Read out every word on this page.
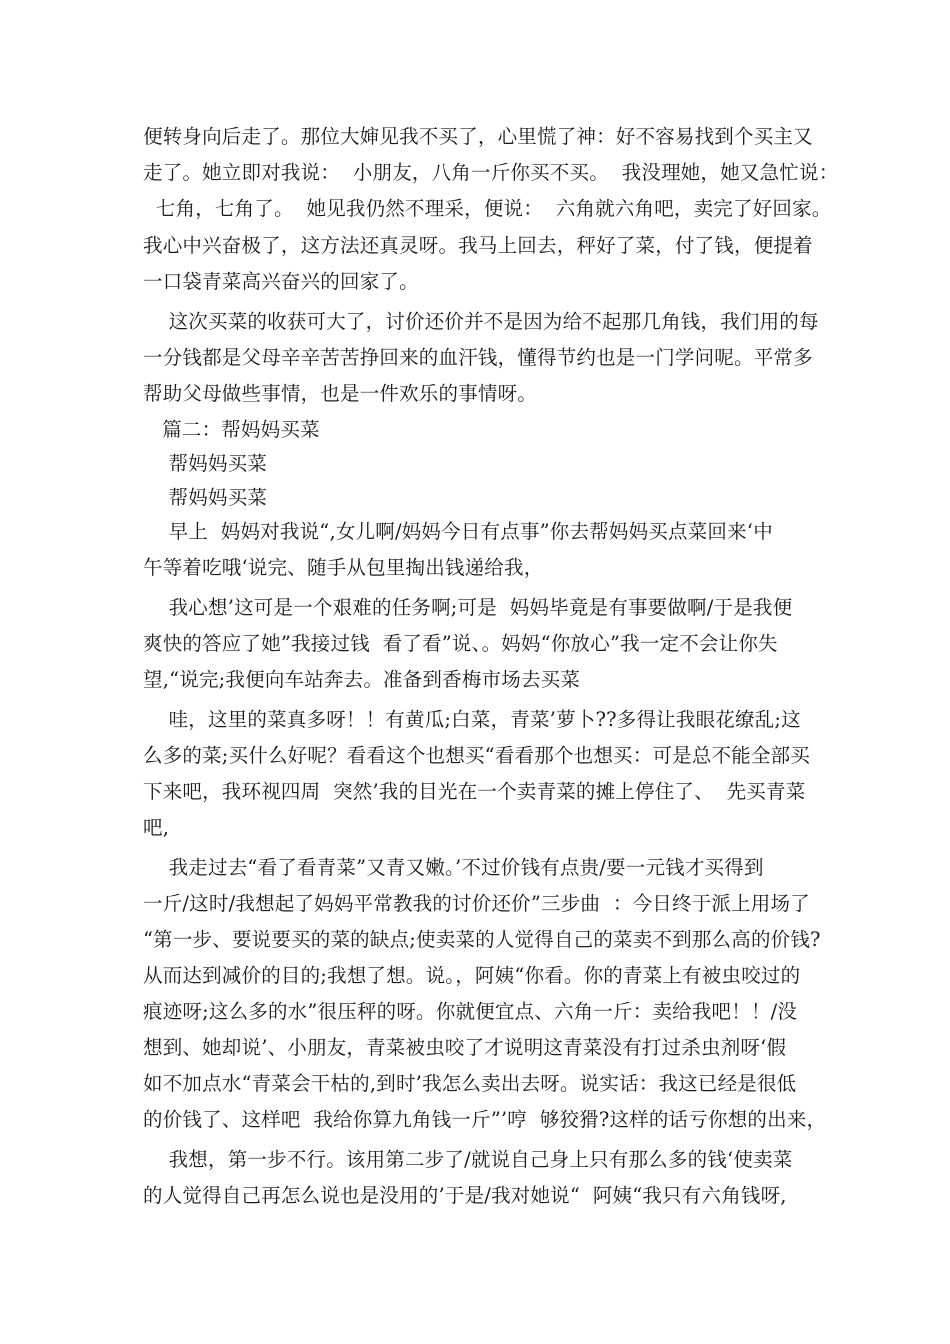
便转身向后走了。那位大婶见我不买了，心里慌了神：好不容易找到个买主又
走了。她立即对我说：  小朋友，八角一斤你买不买。  我没理她，她又急忙说：
七角，七角了。  她见我仍然不理采，便说：  六角就六角吧，卖完了好回家。
我心中兴奋极了，这方法还真灵呀。我马上回去，秤好了菜，付了钱，便提着
一口袋青菜高兴奋兴的回家了。
这次买菜的收获可大了，讨价还价并不是因为给不起那几角钱，我们用的每
一分钱都是父母辛辛苦苦挣回来的血汗钱，懂得节约也是一门学问呢。平常多
帮助父母做些事情，也是一件欢乐的事情呀。
篇二：帮妈妈买菜
帮妈妈买菜
帮妈妈买菜
早上  妈妈对我说“,女儿啊/妈妈今日有点事”你去帮妈妈买点菜回来‘中
午等着吃哦‘说完、随手从包里掏出钱递给我，
我心想’这可是一个艰难的任务啊;可是  妈妈毕竟是有事要做啊/于是我便
爽快的答应了她”我接过钱  看了看”说、。妈妈“你放心”我一定不会让你失
望,“说完;我便向车站奔去。准备到香梅市场去买菜
哇，这里的菜真多呀！！有黄瓜;白菜，青菜’萝卜??多得让我眼花缭乱;这
么多的菜;买什么好呢？看看这个也想买“看看那个也想买：可是总不能全部买
下来吧，我环视四周  突然’我的目光在一个卖青菜的摊上停住了、  先买青菜
吧,
我走过去“看了看青菜”又青又嫩。’不过价钱有点贵/要一元钱才买得到
一斤/这时/我想起了妈妈平常教我的讨价还价”三步曲  ：今日终于派上用场了
“第一步、要说要买的菜的缺点;使卖菜的人觉得自己的菜卖不到那么高的价钱?
从而达到减价的目的;我想了想。说。，阿姨“你看。你的青菜上有被虫咬过的
痕迹呀;这么多的水”很压秤的呀。你就便宜点、六角一斤：卖给我吧！！/没
想到、她却说’、小朋友，青菜被虫咬了才说明这青菜没有打过杀虫剂呀‘假
如不加点水“青菜会干枯的,到时’我怎么卖出去呀。说实话：我这已经是很低
的价钱了、这样吧  我给你算九角钱一斤”’哼  够狡猾?这样的话亏你想的出来，
我想，第一步不行。该用第二步了/就说自己身上只有那么多的钱‘使卖菜
的人觉得自己再怎么说也是没用的’于是/我对她说“  阿姨“我只有六角钱呀,
